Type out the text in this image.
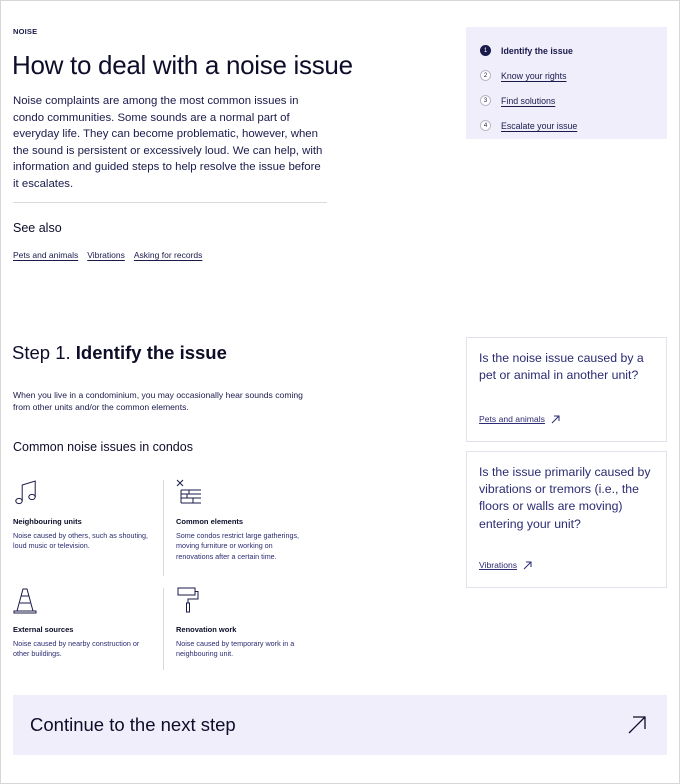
NOISE
How to deal with a noise issue

Noise complaints are among the most common issues in condo communities. Some sounds are a normal part of everyday life. They can become problematic, however, when the sound is persistent or excessively loud. We can help, with information and guided steps to help resolve the issue before it escalates.

See also
Pets and animals Vibrations Asking for records
1	Identify the issue
2	Know your rights
3	Find solutions
4	Escalate your issue
Step 1. Identify the issue

When you live in a condominium, you may occasionally hear sounds coming from other units and/or the common elements.

Common noise issues in condos
Neighbouring units
Noise caused by others, such as shouting, loud music or television.
Common elements
Some condos restrict large gatherings, moving furniture or working on renovations after a certain time.
External sources
Noise caused by nearby construction or other buildings.
Renovation work
Noise caused by temporary work in a neighbouring unit.

Is the noise issue caused by a pet or animal in another unit?

Pets and animals

Is the issue primarily caused by vibrations or tremors (i.e., the floors or walls are moving) entering your unit?

Vibrations
Continue to the next step
